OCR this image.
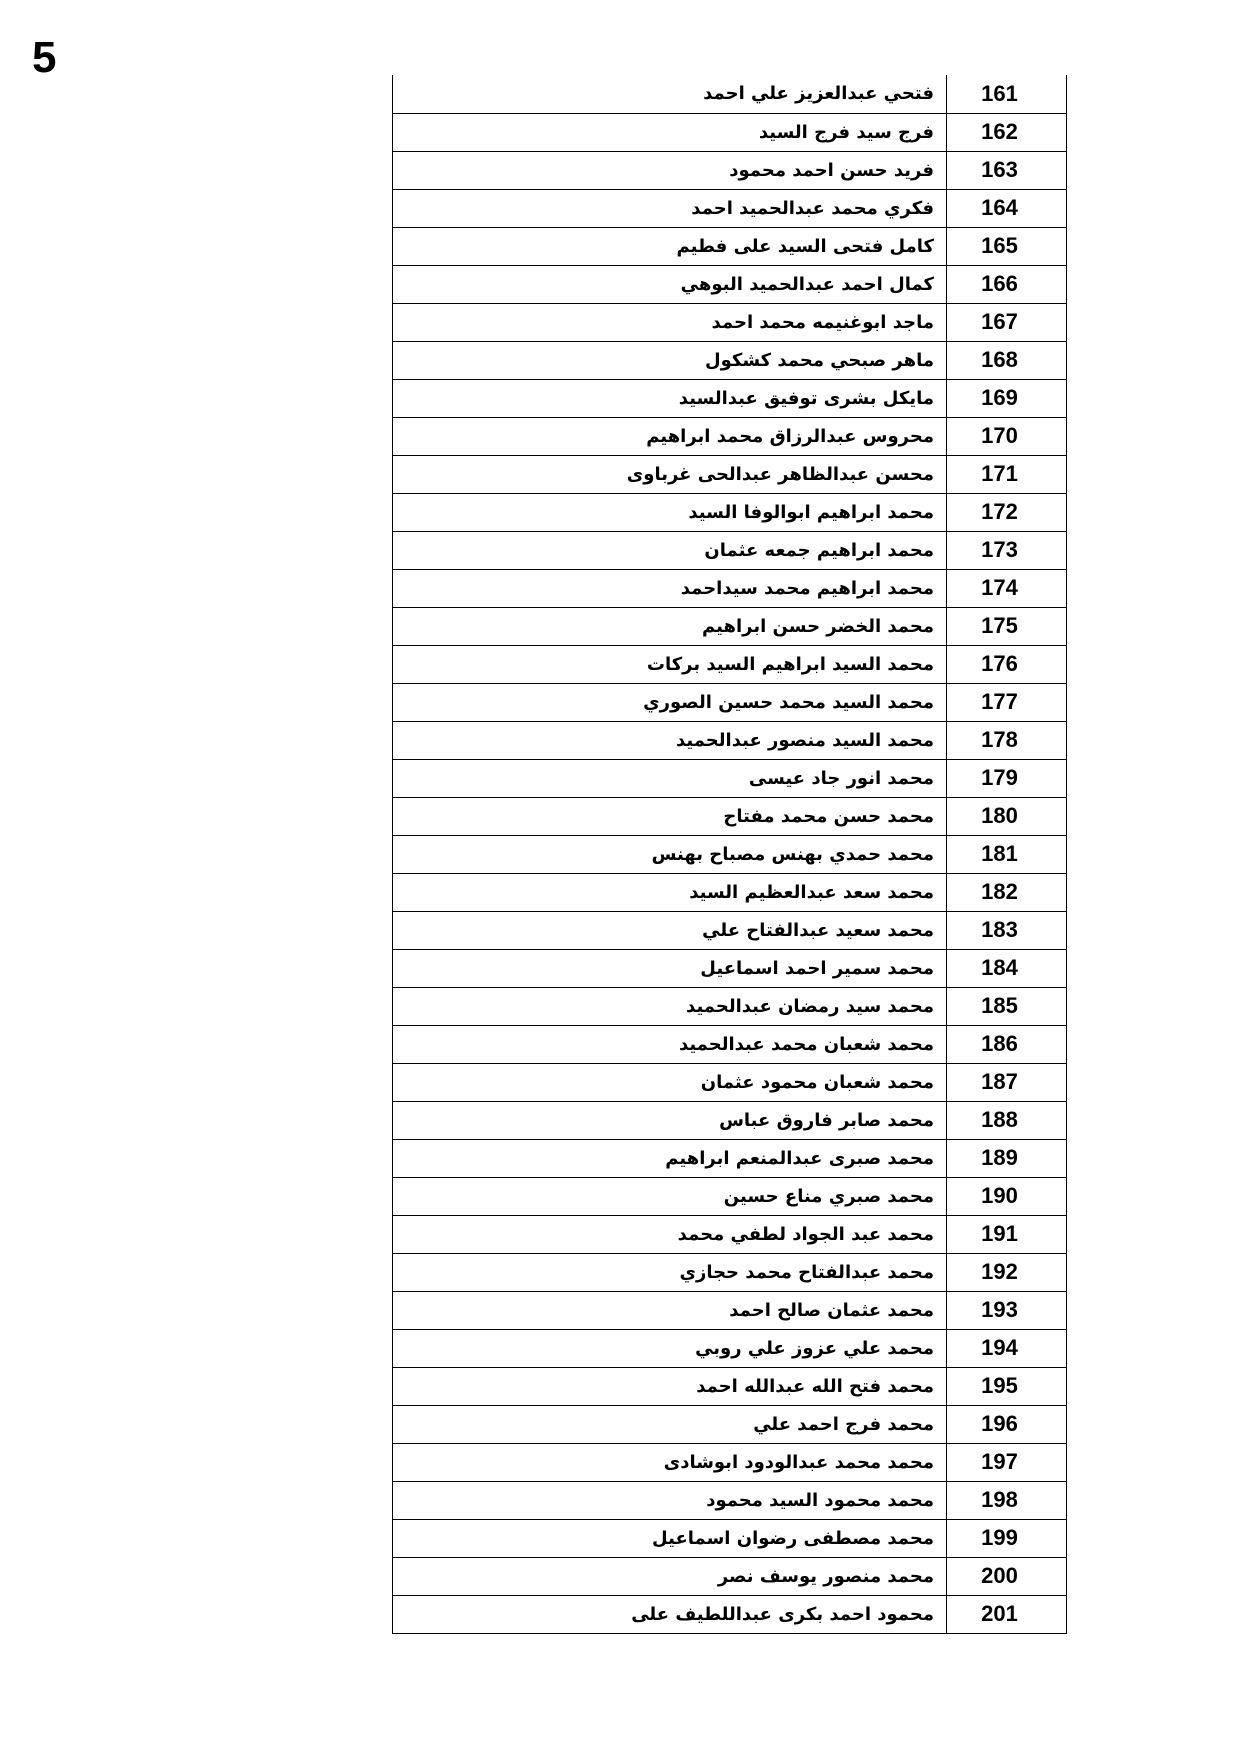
5
فتحي عبدالعزيز علي احمد	161
فرج سيد فرج السيد	162
فريد حسن احمد محمود	163
فكري محمد عبدالحميد احمد	164
كامل فتحى السيد على فطيم	165
كمال احمد عبدالحميد البوهي	166
ماجد ابوغنيمه محمد احمد	167
ماهر صبحي محمد كشكول	168
مايكل بشرى توفيق عبدالسيد	169
محروس عبدالرزاق محمد ابراهيم	170
محسن عبدالظاهر عبدالحى غرباوى	171
محمد ابراهيم ابوالوفا السيد	172
محمد ابراهيم جمعه عثمان	173
محمد ابراهيم محمد سيداحمد	174
محمد الخضر حسن ابراهيم	175
محمد السيد ابراهيم السيد بركات	176
محمد السيد محمد حسين الصوري	177
محمد السيد منصور عبدالحميد	178
محمد انور جاد عيسى	179
محمد حسن محمد مفتاح	180
محمد حمدي بهنس مصباح بهنس	181
محمد سعد عبدالعظيم السيد	182
محمد سعيد عبدالفتاح علي	183
محمد سمير احمد اسماعيل	184
محمد سيد رمضان عبدالحميد	185
محمد شعبان محمد عبدالحميد	186
محمد شعبان محمود عثمان	187
محمد صابر فاروق عباس	188
محمد صبرى عبدالمنعم ابراهيم	189
محمد صبري مناع حسين	190
محمد عبد الجواد لطفي محمد	191
محمد عبدالفتاح محمد حجازي	192
محمد عثمان صالح احمد	193
محمد علي عزوز علي روبي	194
محمد فتح الله عبدالله احمد	195
محمد فرج احمد علي	196
محمد محمد عبدالودود ابوشادى	197
محمد محمود السيد محمود	198
محمد مصطفى رضوان اسماعيل	199
محمد منصور يوسف نصر	200
محمود احمد بكرى عبداللطيف على	201
